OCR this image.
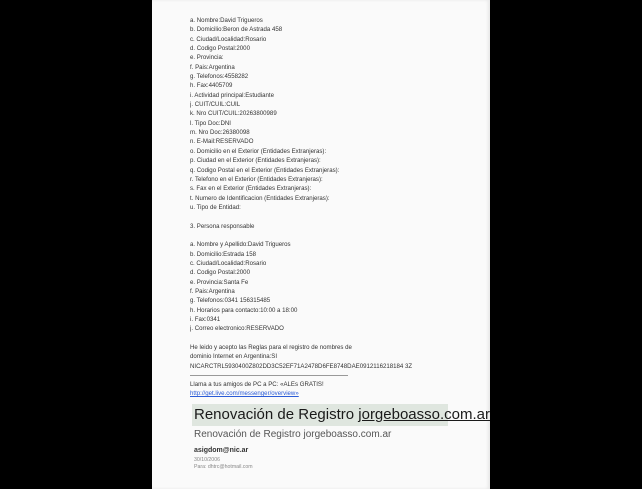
a. Nombre:David Trigueros
b. Domicilio:Beron de Astrada 458
c. Ciudad/Localidad:Rosario
d. Codigo Postal:2000
e. Provincia:
f. Pais:Argentina
g. Telefonos:4558282
h. Fax:4405709
i. Actividad principal:Estudiante
j. CUIT/CUIL:CUIL
k. Nro CUIT/CUIL:20263800989
l. Tipo Doc:DNI
m. Nro Doc:26380098
n. E-Mail:RESERVADO
o. Domicilio en el Exterior (Entidades Extranjeras):
p. Ciudad en el Exterior (Entidades Extranjeras):
q. Codigo Postal en el Exterior (Entidades Extranjeras):
r. Telefono en el Exterior (Entidades Extranjeras):
s. Fax en el Exterior (Entidades Extranjeras):
t. Numero de Identificacion (Entidades Extranjeras):
u. Tipo de Entidad:
3. Persona responsable
a. Nombre y Apellido:David Trigueros
b. Domicilio:Estrada 158
c. Ciudad/Localidad:Rosario
d. Codigo Postal:2000
e. Provincia:Santa Fe
f. Pais:Argentina
g. Telefonos:0341 156315485
h. Horarios para contacto:10:00 a 18:00
i. Fax:0341
j. Correo electronico:RESERVADO
He leido y acepto las Reglas para el registro de nombres de
dominio Internet en Argentina:SI
NICARCTRL5930400Z802DD3C52EF71A2478D6FE8748DAE0912116218184 3Z
Llama a tus amigos de PC a PC: «ALEs GRATIS!
http://get.live.com/messenger/overview»
Renovación de Registro jorgeboasso.com.ar
Renovación de Registro jorgeboasso.com.ar
asigdom@nic.ar
30/10/2006
Para: dhtrc@hotmail.com
